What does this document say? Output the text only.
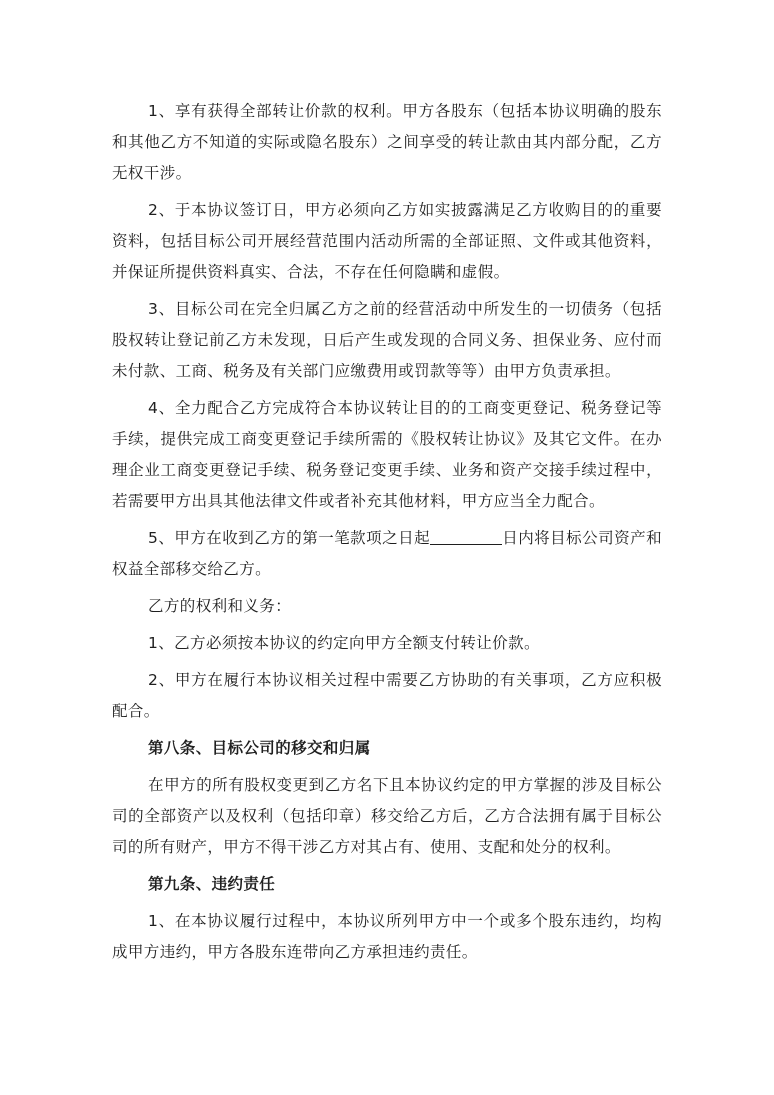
1、享有获得全部转让价款的权利。甲方各股东（包括本协议明确的股东和其他乙方不知道的实际或隐名股东）之间享受的转让款由其内部分配，乙方无权干涉。

2、于本协议签订日，甲方必须向乙方如实披露满足乙方收购目的的重要资料，包括目标公司开展经营范围内活动所需的全部证照、文件或其他资料，并保证所提供资料真实、合法，不存在任何隐瞒和虚假。

3、目标公司在完全归属乙方之前的经营活动中所发生的一切债务（包括股权转让登记前乙方未发现，日后产生或发现的合同义务、担保业务、应付而未付款、工商、税务及有关部门应缴费用或罚款等等）由甲方负责承担。

4、全力配合乙方完成符合本协议转让目的的工商变更登记、税务登记等手续，提供完成工商变更登记手续所需的《股权转让协议》及其它文件。在办理企业工商变更登记手续、税务登记变更手续、业务和资产交接手续过程中，若需要甲方出具其他法律文件或者补充其他材料，甲方应当全力配合。

5、甲方在收到乙方的第一笔款项之日起	日内将目标公司资产和权益全部移交给乙方。

乙方的权利和义务：

1、乙方必须按本协议的约定向甲方全额支付转让价款。

2、甲方在履行本协议相关过程中需要乙方协助的有关事项，乙方应积极配合。

第八条、目标公司的移交和归属

在甲方的所有股权变更到乙方名下且本协议约定的甲方掌握的涉及目标公司的全部资产以及权利（包括印章）移交给乙方后，乙方合法拥有属于目标公司的所有财产，甲方不得干涉乙方对其占有、使用、支配和处分的权利。

第九条、违约责任

1、在本协议履行过程中，本协议所列甲方中一个或多个股东违约，均构成甲方违约，甲方各股东连带向乙方承担违约责任。
